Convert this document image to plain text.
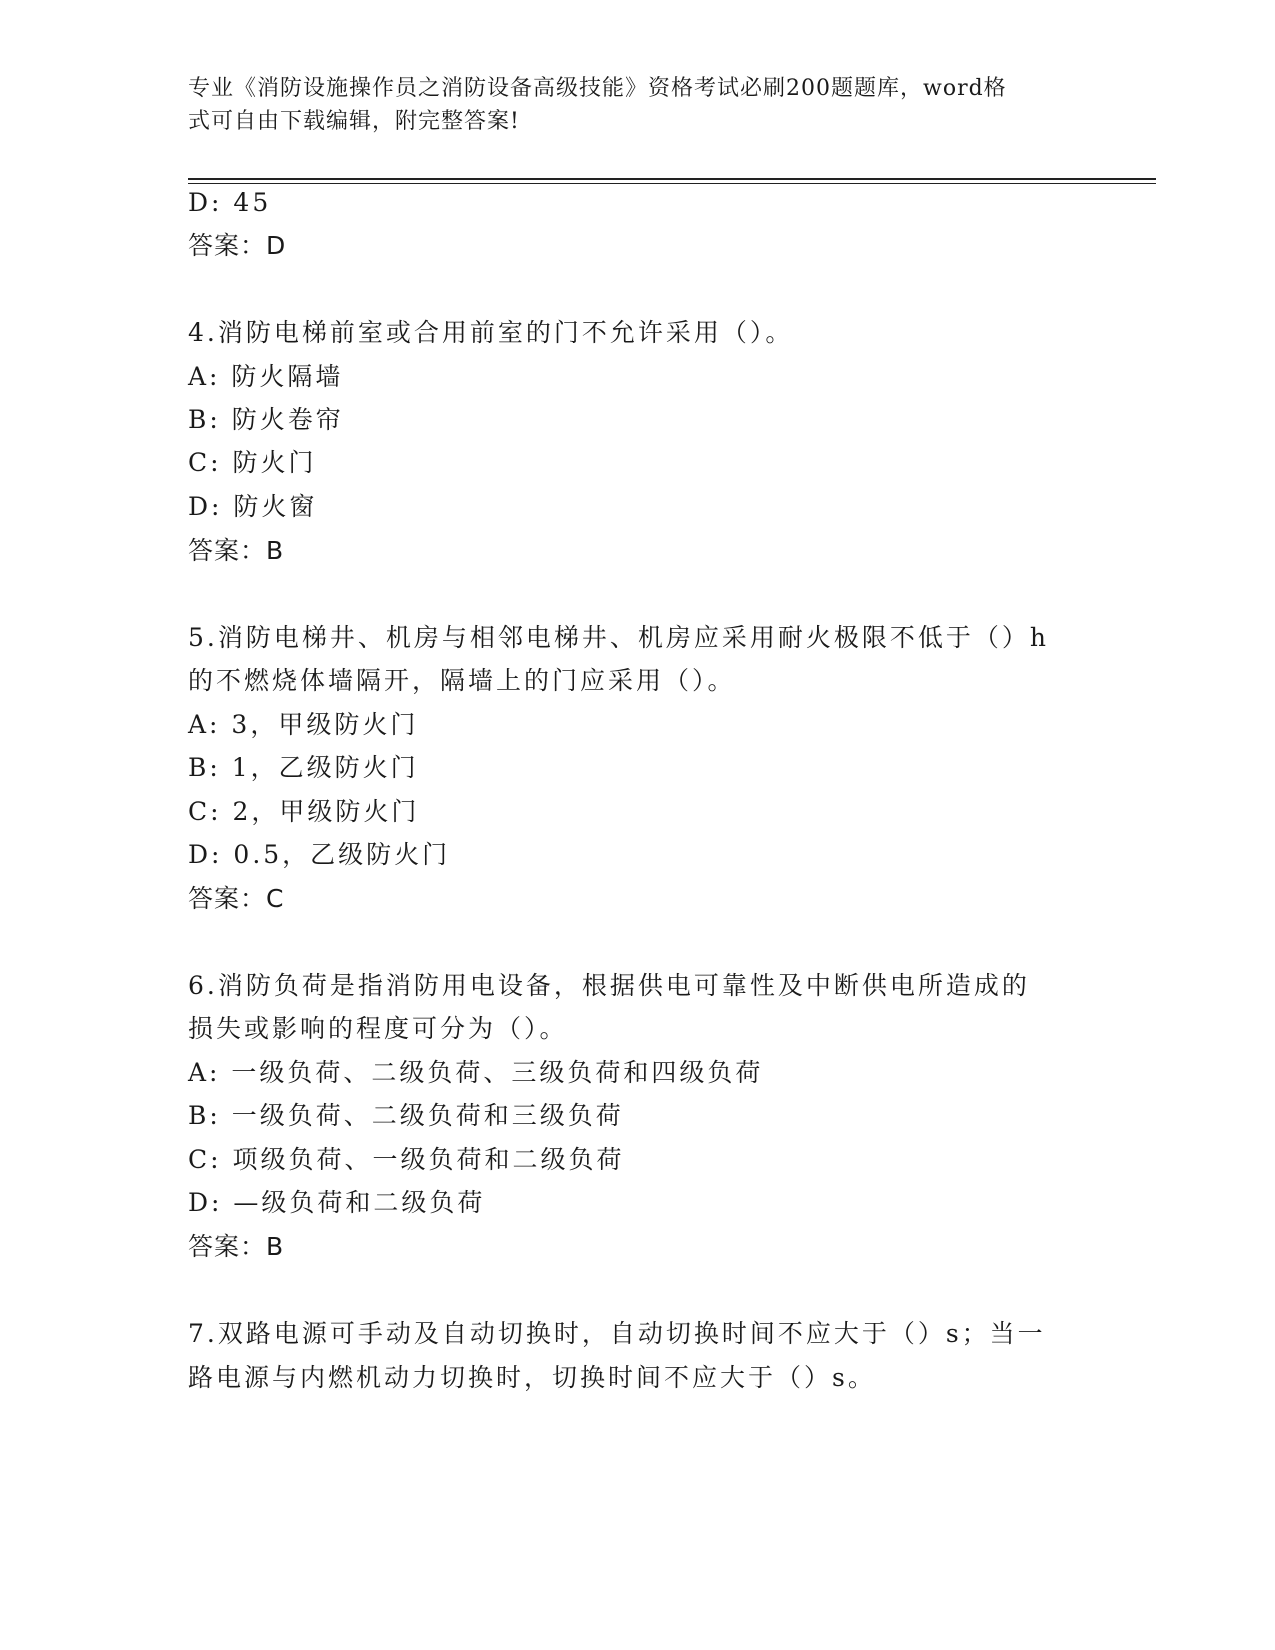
专业《消防设施操作员之消防设备高级技能》资格考试必刷200题题库，word格
式可自由下载编辑，附完整答案!
D: 45
答案：D
4.消防电梯前室或合用前室的门不允许采用（）。
A: 防火隔墙
B: 防火卷帘
C: 防火门
D: 防火窗
答案：B
5.消防电梯井、机房与相邻电梯井、机房应采用耐火极限不低于（）h
的不燃烧体墙隔开，隔墙上的门应采用（）。
A: 3，甲级防火门
B: 1，乙级防火门
C: 2，甲级防火门
D: 0.5，乙级防火门
答案：C
6.消防负荷是指消防用电设备，根据供电可靠性及中断供电所造成的
损失或影响的程度可分为（）。
A: 一级负荷、二级负荷、三级负荷和四级负荷
B: 一级负荷、二级负荷和三级负荷
C: 项级负荷、一级负荷和二级负荷
D: —级负荷和二级负荷
答案：B
7.双路电源可手动及自动切换时，自动切换时间不应大于（）s；当一
路电源与内燃机动力切换时，切换时间不应大于（）s。
